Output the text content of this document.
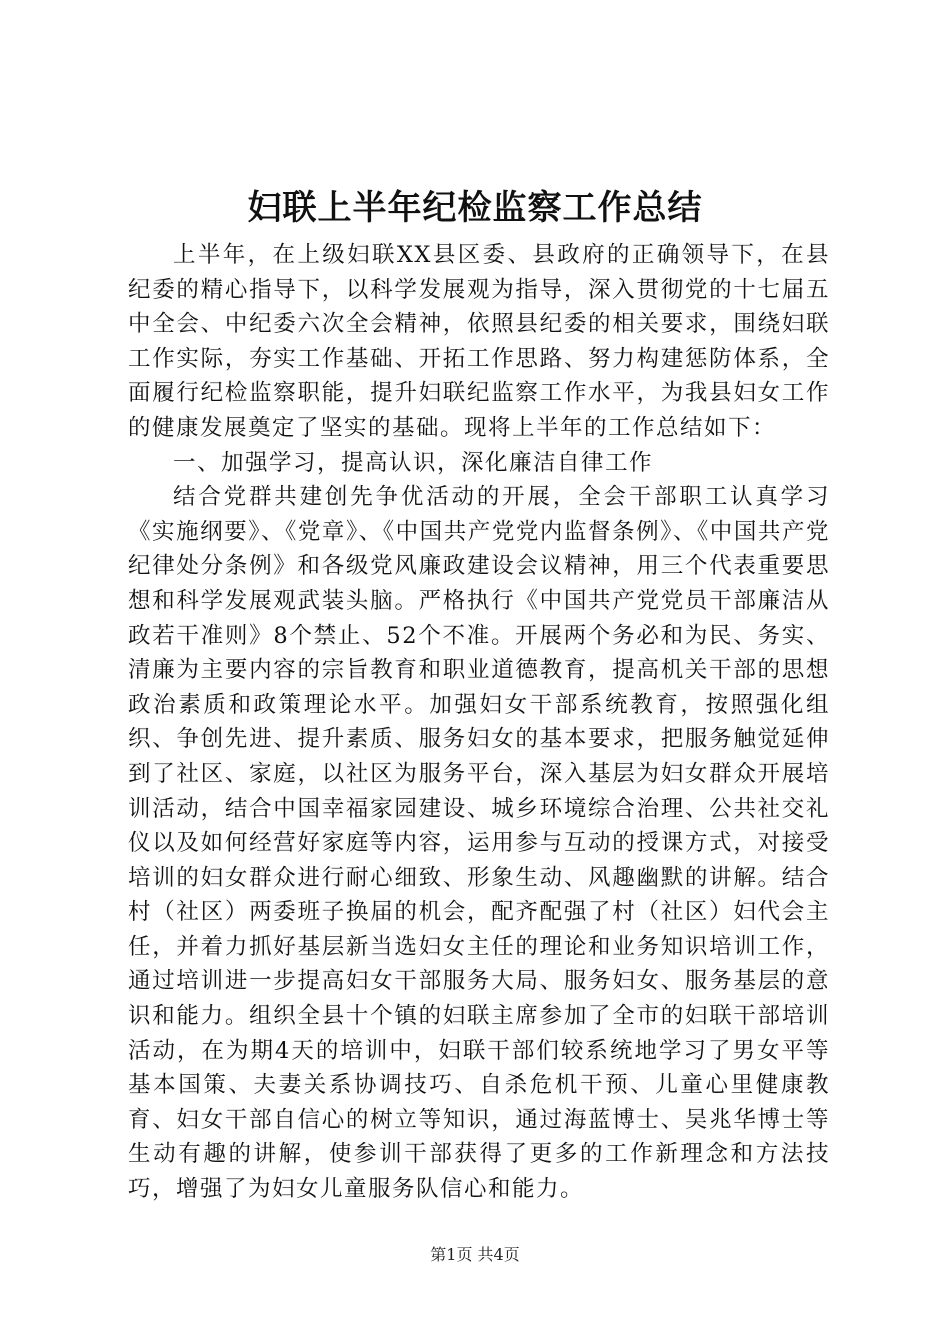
妇联上半年纪检监察工作总结

上半年，在上级妇联XX县区委、县政府的正确领导下，在县纪委的精心指导下，以科学发展观为指导，深入贯彻党的十七届五中全会、中纪委六次全会精神，依照县纪委的相关要求，围绕妇联工作实际，夯实工作基础、开拓工作思路、努力构建惩防体系，全面履行纪检监察职能，提升妇联纪监察工作水平，为我县妇女工作的健康发展奠定了坚实的基础。现将上半年的工作总结如下：

一、加强学习，提高认识，深化廉洁自律工作

结合党群共建创先争优活动的开展，全会干部职工认真学习《实施纲要》、《党章》、《中国共产党党内监督条例》、《中国共产党纪律处分条例》和各级党风廉政建设会议精神，用三个代表重要思想和科学发展观武装头脑。严格执行《中国共产党党员干部廉洁从政若干准则》8个禁止、52个不准。开展两个务必和为民、务实、清廉为主要内容的宗旨教育和职业道德教育，提高机关干部的思想政治素质和政策理论水平。加强妇女干部系统教育，按照强化组织、争创先进、提升素质、服务妇女的基本要求，把服务触觉延伸到了社区、家庭，以社区为服务平台，深入基层为妇女群众开展培训活动，结合中国幸福家园建设、城乡环境综合治理、公共社交礼仪以及如何经营好家庭等内容，运用参与互动的授课方式，对接受培训的妇女群众进行耐心细致、形象生动、风趣幽默的讲解。结合村（社区）两委班子换届的机会，配齐配强了村（社区）妇代会主任，并着力抓好基层新当选妇女主任的理论和业务知识培训工作，通过培训进一步提高妇女干部服务大局、服务妇女、服务基层的意识和能力。组织全县十个镇的妇联主席参加了全市的妇联干部培训活动，在为期4天的培训中，妇联干部们较系统地学习了男女平等基本国策、夫妻关系协调技巧、自杀危机干预、儿童心里健康教育、妇女干部自信心的树立等知识，通过海蓝博士、吴兆华博士等生动有趣的讲解，使参训干部获得了更多的工作新理念和方法技巧，增强了为妇女儿童服务队信心和能力。

第1页 共4页
